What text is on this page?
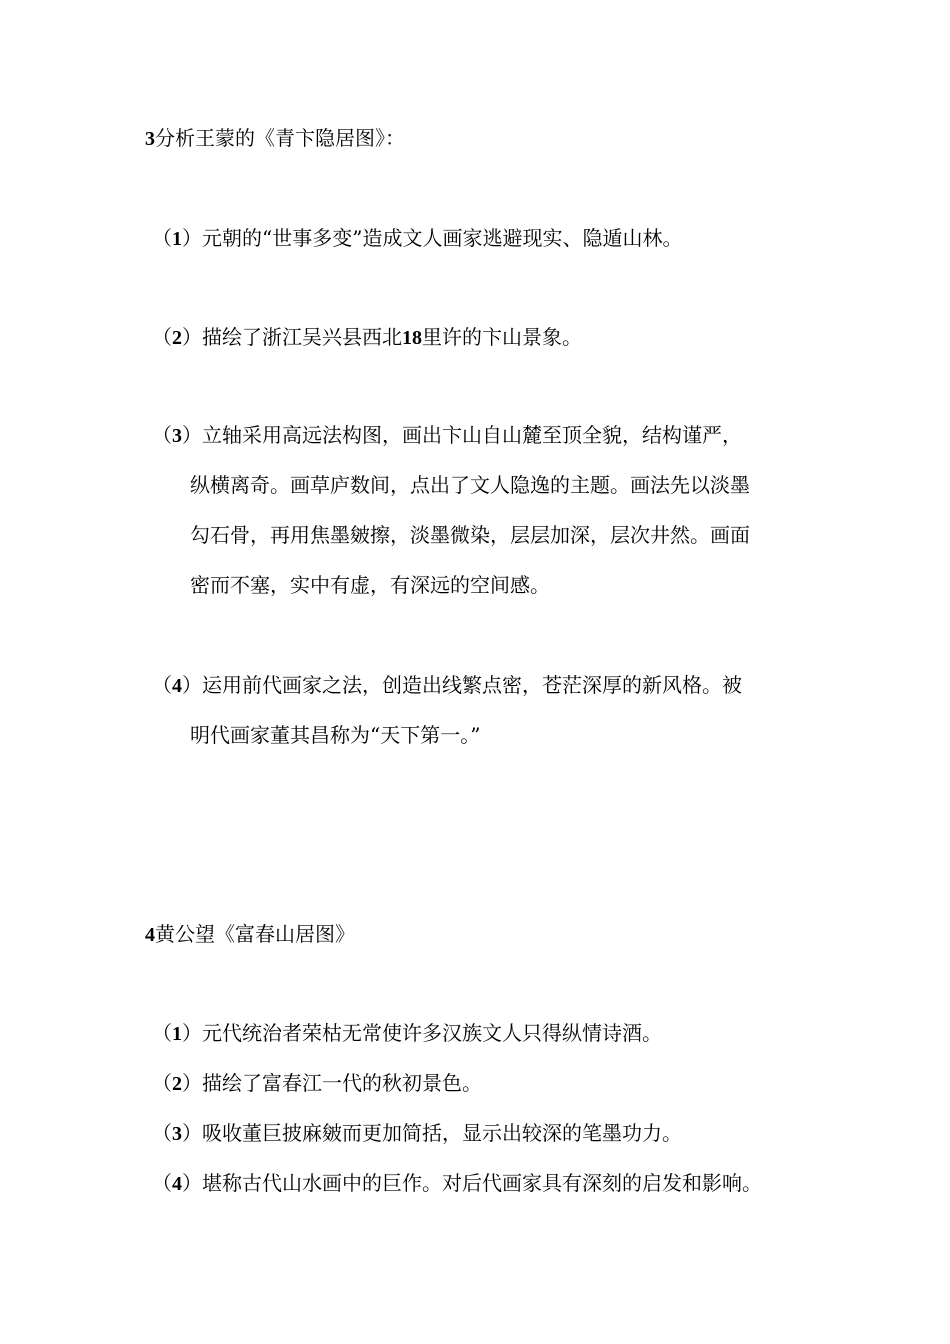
3分析王蒙的《青卞隐居图》：
（1）元朝的“世事多变”造成文人画家逃避现实、隐遁山林。
（2）描绘了浙江吴兴县西北18里许的卞山景象。
（3）立轴采用高远法构图，画出卞山自山麓至顶全貌，结构谨严，
纵横离奇。画草庐数间，点出了文人隐逸的主题。画法先以淡墨
勾石骨，再用焦墨皴擦，淡墨微染，层层加深，层次井然。画面
密而不塞，实中有虚，有深远的空间感。
（4）运用前代画家之法，创造出线繁点密，苍茫深厚的新风格。被
明代画家董其昌称为“天下第一。”
4黄公望《富春山居图》
（1）元代统治者荣枯无常使许多汉族文人只得纵情诗酒。
（2）描绘了富春江一代的秋初景色。
（3）吸收董巨披麻皴而更加简括，显示出较深的笔墨功力。
（4）堪称古代山水画中的巨作。对后代画家具有深刻的启发和影响。
